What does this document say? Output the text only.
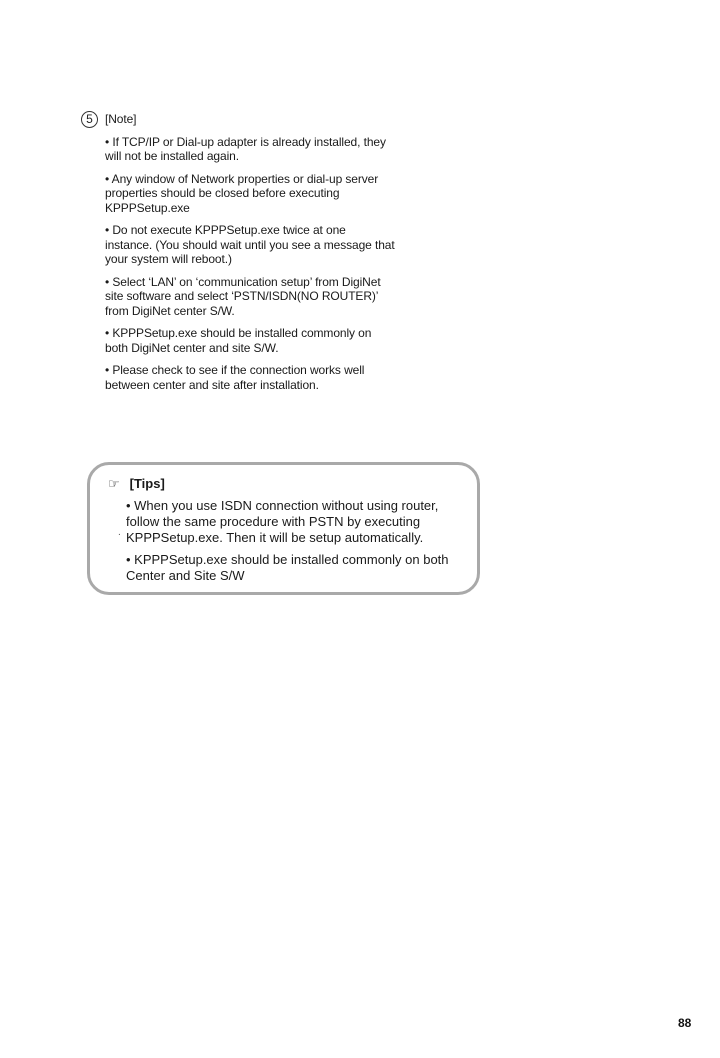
5	[Note]

• If TCP/IP or Dial-up adapter is already installed, they will not be installed again.

• Any window of Network properties or dial-up server properties should be closed before executing KPPPSetup.exe

• Do not execute KPPPSetup.exe twice at one instance. (You should wait until you see a message that your system will reboot.)

• Select ‘LAN’ on ‘communication setup’ from DigiNet site software and select ‘PSTN/ISDN(NO ROUTER)’ from DigiNet center S/W.

• KPPPSetup.exe should be installed commonly on both DigiNet center and site S/W.

• Please check to see if the connection works well between center and site after installation.

☞ [Tips]
.

• When you use ISDN connection without using router, follow the same procedure with PSTN by executing KPPPSetup.exe. Then it will be setup automatically.

• KPPPSetup.exe should be installed commonly on both Center and Site S/W

88
